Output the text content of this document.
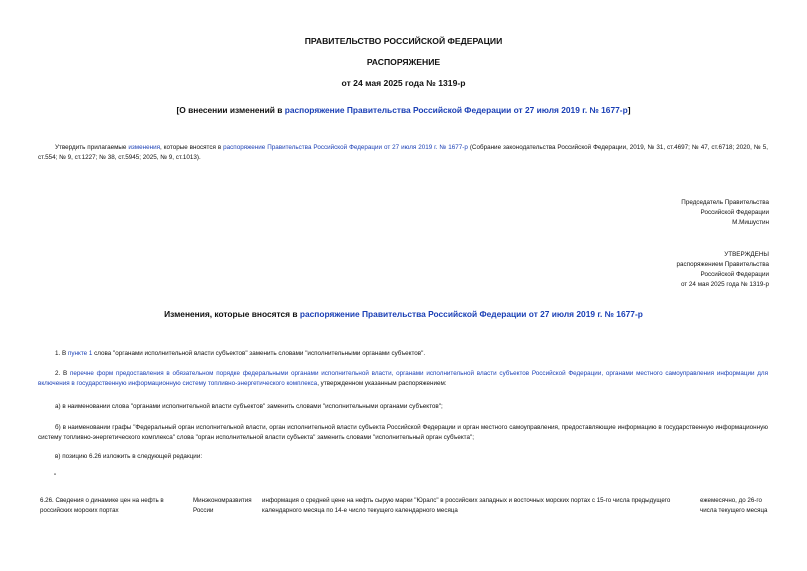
ПРАВИТЕЛЬСТВО РОССИЙСКОЙ ФЕДЕРАЦИИ
РАСПОРЯЖЕНИЕ
от 24 мая 2025 года № 1319-р
[О внесении изменений в распоряжение Правительства Российской Федерации от 27 июля 2019 г. № 1677-р]
Утвердить прилагаемые изменения, которые вносятся в распоряжение Правительства Российской Федерации от 27 июля 2019 г. № 1677-р (Собрание законодательства Российской Федерации, 2019, № 31, ст.4697; № 47, ст.6718; 2020, № 5, ст.554; № 9, ст.1227; № 38, ст.5945; 2025, № 9, ст.1013).
Председатель Правительства
Российской Федерации
М.Мишустин
УТВЕРЖДЕНЫ
распоряжением Правительства
Российской Федерации
от 24 мая 2025 года № 1319-р
Изменения, которые вносятся в распоряжение Правительства Российской Федерации от 27 июля 2019 г. № 1677-р
1. В пункте 1 слова "органами исполнительной власти субъектов" заменить словами "исполнительными органами субъектов".
2. В перечне форм предоставления в обязательном порядке федеральными органами исполнительной власти, органами исполнительной власти субъектов Российской Федерации, органами местного самоуправления информации для включения в государственную информационную систему топливно-энергетического комплекса, утвержденном указанным распоряжением:
а) в наименовании слова "органами исполнительной власти субъектов" заменить словами "исполнительными органами субъектов";
б) в наименовании графы "Федеральный орган исполнительной власти, орган исполнительной власти субъекта Российской Федерации и орган местного самоуправления, предоставляющие информацию в государственную информационную систему топливно-энергетического комплекса" слова "орган исполнительной власти субъекта" заменить словами "исполнительный орган субъекта";
в) позицию 6.26 изложить в следующей редакции:
"
6.26. Сведения о динамике цен на нефть в российских морских портах
Минэкономразвития России
информация о средней цене на нефть сырую марки "Юралс" в российских западных и восточных морских портах с 15-го числа предыдущего календарного месяца по 14-е число текущего календарного месяца
ежемесячно, до 26-го числа текущего месяца
